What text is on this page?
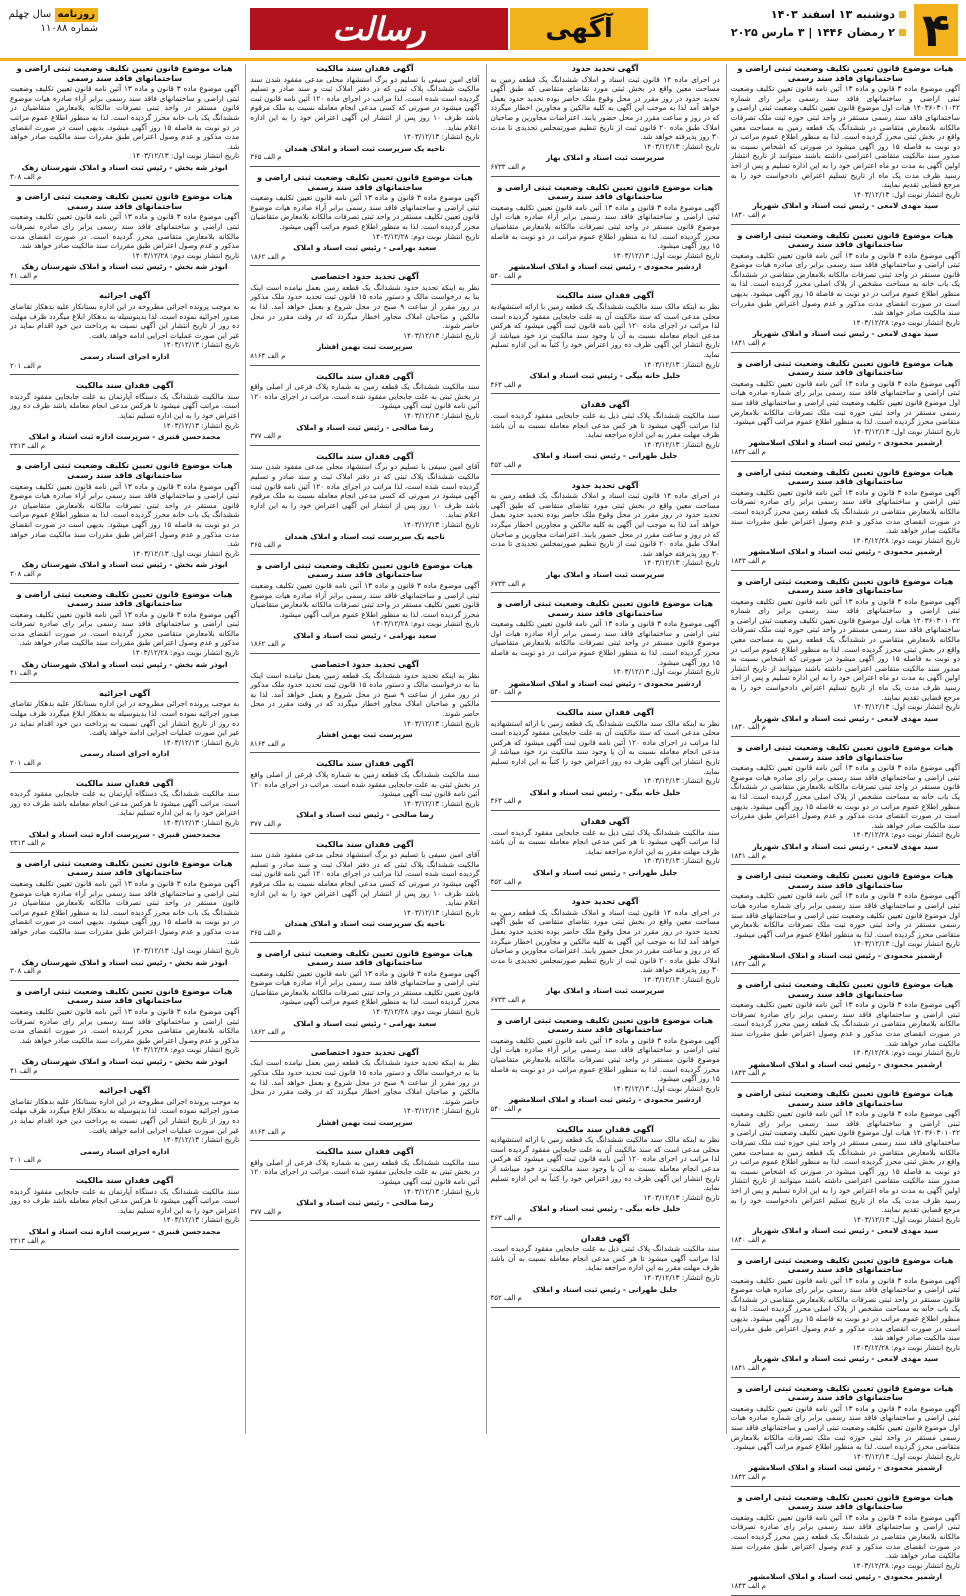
۴
دوشنبه ۱۳ اسفند ۱۴۰۳
۲ رمضان ۱۴۴۶ | ۳ مارس ۲۰۲۵
آگهی
رسالت
روزنامه سال چهلم
شماره ۱۱۰۸۸
هیات موضوع قانون تعیین تکلیف وضعیت ثبتی اراضی و ساختمانهای فاقد سند رسمی

آگهی موضوع ماده ۳ قانون و ماده ۱۳ آئین نامه قانون تعیین تکلیف وضعیت ثبتی اراضی و ساختمانهای فاقد سند رسمی برابر رای شماره ۱۴۰۳۶۰۳۰۱۰۴۲ هیات اول موضوع قانون تعیین تکلیف وضعیت ثبتی اراضی و ساختمانهای فاقد سند رسمی مستقر در واحد ثبتی حوزه ثبت ملک تصرفات مالکانه بلامعارض متقاضی در ششدانگ یک قطعه زمین به مساحت معین واقع در بخش ثبتی محرز گردیده است. لذا به منظور اطلاع عموم مراتب در دو نوبت به فاصله ۱۵ روز آگهی میشود در صورتی که اشخاص نسبت به صدور سند مالکیت متقاضی اعتراضی داشته باشند میتوانند از تاریخ انتشار اولین آگهی به مدت دو ماه اعتراض خود را به این اداره تسلیم و پس از اخذ رسید ظرف مدت یک ماه از تاریخ تسلیم اعتراض دادخواست خود را به مرجع قضایی تقدیم نمایند.

تاریخ انتشار نوبت اول: ۱۴۰۳/۱۲/۱۳

سید مهدی لامعی - رئیس ثبت اسناد و املاک شهریار
م الف ۱۸۴۰
هیات موضوع قانون تعیین تکلیف وضعیت ثبتی اراضی و ساختمانهای فاقد سند رسمی

آگهی موضوع ماده ۳ قانون و ماده ۱۳ آئین نامه قانون تعیین تکلیف وضعیت ثبتی اراضی و ساختمانهای فاقد سند رسمی برابر رای صادره هیات موضوع قانون مستقر در واحد ثبتی تصرفات مالکانه بلامعارض متقاضی در ششدانگ یک باب خانه به مساحت مشخص از پلاک اصلی محرز گردیده است. لذا به منظور اطلاع عموم مراتب در دو نوبت به فاصله ۱۵ روز آگهی میشود. بدیهی است در صورت انقضای مدت مذکور و عدم وصول اعتراض طبق مقررات سند مالکیت صادر خواهد شد.

تاریخ انتشار نوبت دوم: ۱۴۰۳/۱۲/۲۸

سید مهدی لامعی - رئیس ثبت اسناد و املاک شهریار
م الف ۱۸۴۱
هیات موضوع قانون تعیین تکلیف وضعیت ثبتی اراضی و ساختمانهای فاقد سند رسمی

آگهی موضوع ماده ۳ قانون و ماده ۱۳ آئین نامه قانون تعیین تکلیف وضعیت ثبتی اراضی و ساختمانهای فاقد سند رسمی برابر رای شماره صادره هیات اول موضوع قانون تعیین تکلیف وضعیت ثبتی اراضی و ساختمانهای فاقد سند رسمی مستقر در واحد ثبتی حوزه ثبت ملک تصرفات مالکانه بلامعارض متقاضی محرز گردیده است. لذا به منظور اطلاع عموم مراتب آگهی میشود.

تاریخ انتشار نوبت اول: ۱۴۰۳/۱۲/۱۳

ارشمیر محمودی - رئیس ثبت اسناد و املاک اسلامشهر
م الف ۱۸۴۲
هیات موضوع قانون تعیین تکلیف وضعیت ثبتی اراضی و ساختمانهای فاقد سند رسمی

آگهی موضوع ماده ۳ قانون و ماده ۱۳ آئین نامه قانون تعیین تکلیف وضعیت ثبتی اراضی و ساختمانهای فاقد سند رسمی برابر رای صادره تصرفات مالکانه بلامعارض متقاضی در ششدانگ یک قطعه زمین محرز گردیده است. در صورت انقضای مدت مذکور و عدم وصول اعتراض طبق مقررات سند مالکیت صادر خواهد شد.

تاریخ انتشار نوبت دوم: ۱۴۰۳/۱۲/۲۸

ارشمیر محمودی - رئیس ثبت اسناد و املاک اسلامشهر
م الف ۱۸۴۳
هیات موضوع قانون تعیین تکلیف وضعیت ثبتی اراضی و ساختمانهای فاقد سند رسمی

آگهی موضوع ماده ۳ قانون و ماده ۱۳ آئین نامه قانون تعیین تکلیف وضعیت ثبتی اراضی و ساختمانهای فاقد سند رسمی برابر رای شماره ۱۴۰۳۶۰۳۰۱۰۴۲ هیات اول موضوع قانون تعیین تکلیف وضعیت ثبتی اراضی و ساختمانهای فاقد سند رسمی مستقر در واحد ثبتی حوزه ثبت ملک تصرفات مالکانه بلامعارض متقاضی در ششدانگ یک قطعه زمین به مساحت معین واقع در بخش ثبتی محرز گردیده است. لذا به منظور اطلاع عموم مراتب در دو نوبت به فاصله ۱۵ روز آگهی میشود در صورتی که اشخاص نسبت به صدور سند مالکیت متقاضی اعتراضی داشته باشند میتوانند از تاریخ انتشار اولین آگهی به مدت دو ماه اعتراض خود را به این اداره تسلیم و پس از اخذ رسید ظرف مدت یک ماه از تاریخ تسلیم اعتراض دادخواست خود را به مرجع قضایی تقدیم نمایند.

تاریخ انتشار نوبت اول: ۱۴۰۳/۱۲/۱۳

سید مهدی لامعی - رئیس ثبت اسناد و املاک شهریار
م الف ۱۸۴۰
هیات موضوع قانون تعیین تکلیف وضعیت ثبتی اراضی و ساختمانهای فاقد سند رسمی

آگهی موضوع ماده ۳ قانون و ماده ۱۳ آئین نامه قانون تعیین تکلیف وضعیت ثبتی اراضی و ساختمانهای فاقد سند رسمی برابر رای صادره هیات موضوع قانون مستقر در واحد ثبتی تصرفات مالکانه بلامعارض متقاضی در ششدانگ یک باب خانه به مساحت مشخص از پلاک اصلی محرز گردیده است. لذا به منظور اطلاع عموم مراتب در دو نوبت به فاصله ۱۵ روز آگهی میشود. بدیهی است در صورت انقضای مدت مذکور و عدم وصول اعتراض طبق مقررات سند مالکیت صادر خواهد شد.

تاریخ انتشار نوبت دوم: ۱۴۰۳/۱۲/۲۸

سید مهدی لامعی - رئیس ثبت اسناد و املاک شهریار
م الف ۱۸۴۱
هیات موضوع قانون تعیین تکلیف وضعیت ثبتی اراضی و ساختمانهای فاقد سند رسمی

آگهی موضوع ماده ۳ قانون و ماده ۱۳ آئین نامه قانون تعیین تکلیف وضعیت ثبتی اراضی و ساختمانهای فاقد سند رسمی برابر رای شماره صادره هیات اول موضوع قانون تعیین تکلیف وضعیت ثبتی اراضی و ساختمانهای فاقد سند رسمی مستقر در واحد ثبتی حوزه ثبت ملک تصرفات مالکانه بلامعارض متقاضی محرز گردیده است. لذا به منظور اطلاع عموم مراتب آگهی میشود.

تاریخ انتشار نوبت اول: ۱۴۰۳/۱۲/۱۳

ارشمیر محمودی - رئیس ثبت اسناد و املاک اسلامشهر
م الف ۱۸۴۲
هیات موضوع قانون تعیین تکلیف وضعیت ثبتی اراضی و ساختمانهای فاقد سند رسمی

آگهی موضوع ماده ۳ قانون و ماده ۱۳ آئین نامه قانون تعیین تکلیف وضعیت ثبتی اراضی و ساختمانهای فاقد سند رسمی برابر رای صادره تصرفات مالکانه بلامعارض متقاضی در ششدانگ یک قطعه زمین محرز گردیده است. در صورت انقضای مدت مذکور و عدم وصول اعتراض طبق مقررات سند مالکیت صادر خواهد شد.

تاریخ انتشار نوبت دوم: ۱۴۰۳/۱۲/۲۸

ارشمیر محمودی - رئیس ثبت اسناد و املاک اسلامشهر
م الف ۱۸۴۳
هیات موضوع قانون تعیین تکلیف وضعیت ثبتی اراضی و ساختمانهای فاقد سند رسمی

آگهی موضوع ماده ۳ قانون و ماده ۱۳ آئین نامه قانون تعیین تکلیف وضعیت ثبتی اراضی و ساختمانهای فاقد سند رسمی برابر رای شماره ۱۴۰۳۶۰۳۰۱۰۴۲ هیات اول موضوع قانون تعیین تکلیف وضعیت ثبتی اراضی و ساختمانهای فاقد سند رسمی مستقر در واحد ثبتی حوزه ثبت ملک تصرفات مالکانه بلامعارض متقاضی در ششدانگ یک قطعه زمین به مساحت معین واقع در بخش ثبتی محرز گردیده است. لذا به منظور اطلاع عموم مراتب در دو نوبت به فاصله ۱۵ روز آگهی میشود در صورتی که اشخاص نسبت به صدور سند مالکیت متقاضی اعتراضی داشته باشند میتوانند از تاریخ انتشار اولین آگهی به مدت دو ماه اعتراض خود را به این اداره تسلیم و پس از اخذ رسید ظرف مدت یک ماه از تاریخ تسلیم اعتراض دادخواست خود را به مرجع قضایی تقدیم نمایند.

تاریخ انتشار نوبت اول: ۱۴۰۳/۱۲/۱۳

سید مهدی لامعی - رئیس ثبت اسناد و املاک شهریار
م الف ۱۸۴۰
هیات موضوع قانون تعیین تکلیف وضعیت ثبتی اراضی و ساختمانهای فاقد سند رسمی

آگهی موضوع ماده ۳ قانون و ماده ۱۳ آئین نامه قانون تعیین تکلیف وضعیت ثبتی اراضی و ساختمانهای فاقد سند رسمی برابر رای صادره هیات موضوع قانون مستقر در واحد ثبتی تصرفات مالکانه بلامعارض متقاضی در ششدانگ یک باب خانه به مساحت مشخص از پلاک اصلی محرز گردیده است. لذا به منظور اطلاع عموم مراتب در دو نوبت به فاصله ۱۵ روز آگهی میشود. بدیهی است در صورت انقضای مدت مذکور و عدم وصول اعتراض طبق مقررات سند مالکیت صادر خواهد شد.

تاریخ انتشار نوبت دوم: ۱۴۰۳/۱۲/۲۸

سید مهدی لامعی - رئیس ثبت اسناد و املاک شهریار
م الف ۱۸۴۱
هیات موضوع قانون تعیین تکلیف وضعیت ثبتی اراضی و ساختمانهای فاقد سند رسمی

آگهی موضوع ماده ۳ قانون و ماده ۱۳ آئین نامه قانون تعیین تکلیف وضعیت ثبتی اراضی و ساختمانهای فاقد سند رسمی برابر رای شماره صادره هیات اول موضوع قانون تعیین تکلیف وضعیت ثبتی اراضی و ساختمانهای فاقد سند رسمی مستقر در واحد ثبتی حوزه ثبت ملک تصرفات مالکانه بلامعارض متقاضی محرز گردیده است. لذا به منظور اطلاع عموم مراتب آگهی میشود.

تاریخ انتشار نوبت اول: ۱۴۰۳/۱۲/۱۳

ارشمیر محمودی - رئیس ثبت اسناد و املاک اسلامشهر
م الف ۱۸۴۲
هیات موضوع قانون تعیین تکلیف وضعیت ثبتی اراضی و ساختمانهای فاقد سند رسمی

آگهی موضوع ماده ۳ قانون و ماده ۱۳ آئین نامه قانون تعیین تکلیف وضعیت ثبتی اراضی و ساختمانهای فاقد سند رسمی برابر رای صادره تصرفات مالکانه بلامعارض متقاضی در ششدانگ یک قطعه زمین محرز گردیده است. در صورت انقضای مدت مذکور و عدم وصول اعتراض طبق مقررات سند مالکیت صادر خواهد شد.

تاریخ انتشار نوبت دوم: ۱۴۰۳/۱۲/۲۸

ارشمیر محمودی - رئیس ثبت اسناد و املاک اسلامشهر
م الف ۱۸۴۳
آگهی تحدید حدود

در اجرای ماده ۱۴ قانون ثبت اسناد و املاک ششدانگ یک قطعه زمین به مساحت معین واقع در بخش ثبتی مورد تقاضای متقاضی که طبق آگهی تحدید حدود در روز مقرر در محل وقوع ملک حاضر بوده تحدید حدود بعمل خواهد آمد لذا به موجب این آگهی به کلیه مالکین و مجاورین اخطار میگردد که در روز و ساعت مقرر در محل حضور یابند. اعتراضات مجاورین و صاحبان املاک طبق ماده ۲۰ قانون ثبت از تاریخ تنظیم صورتمجلس تحدیدی تا مدت ۳۰ روز پذیرفته خواهد شد.

تاریخ انتشار: ۱۴۰۳/۱۲/۱۳

سرپرست ثبت اسناد و املاک بهار
م الف ۶۷۳۳
هیات موضوع قانون تعیین تکلیف وضعیت ثبتی اراضی و ساختمانهای فاقد سند رسمی

آگهی موضوع ماده ۳ قانون و ماده ۱۳ آئین نامه قانون تعیین تکلیف وضعیت ثبتی اراضی و ساختمانهای فاقد سند رسمی برابر آراء صادره هیات اول موضوع قانون مستقر در واحد ثبتی تصرفات مالکانه بلامعارض متقاضیان محرز گردیده است. لذا به منظور اطلاع عموم مراتب در دو نوبت به فاصله ۱۵ روز آگهی میشود.

تاریخ انتشار نوبت اول: ۱۴۰۳/۱۲/۱۳

اردشیر محمودی - رئیس ثبت اسناد و املاک اسلامشهر
م الف ۵۴۰
آگهی فقدان سند مالکیت

نظر به اینکه مالک سند مالکیت ششدانگ یک قطعه زمین با ارائه استشهادیه محلی مدعی است که سند مالکیت آن به علت جابجایی مفقود گردیده است لذا مراتب در اجرای ماده ۱۲۰ آئین نامه قانون ثبت آگهی میشود که هرکس مدعی انجام معامله نسبت به آن یا وجود سند مالکیت نزد خود میباشد از تاریخ انتشار این آگهی ظرف ده روز اعتراض خود را کتباً به این اداره تسلیم نماید.

تاریخ انتشار: ۱۴۰۳/۱۲/۱۳

خلیل خانه بیگی - رئیس ثبت اسناد و املاک
م الف ۴۶۳
آگهی فقدان

سند مالکیت ششدانگ پلاک ثبتی ذیل به علت جابجایی مفقود گردیده است. لذا مراتب آگهی میشود تا هر کس مدعی انجام معامله نسبت به آن باشد ظرف مهلت مقرر به این اداره مراجعه نماید.

تاریخ انتشار: ۱۴۰۳/۱۲/۱۳

جلیل طهرانی - رئیس ثبت اسناد و املاک
م الف ۴۵۲
آگهی تحدید حدود

در اجرای ماده ۱۴ قانون ثبت اسناد و املاک ششدانگ یک قطعه زمین به مساحت معین واقع در بخش ثبتی مورد تقاضای متقاضی که طبق آگهی تحدید حدود در روز مقرر در محل وقوع ملک حاضر بوده تحدید حدود بعمل خواهد آمد لذا به موجب این آگهی به کلیه مالکین و مجاورین اخطار میگردد که در روز و ساعت مقرر در محل حضور یابند. اعتراضات مجاورین و صاحبان املاک طبق ماده ۲۰ قانون ثبت از تاریخ تنظیم صورتمجلس تحدیدی تا مدت ۳۰ روز پذیرفته خواهد شد.

تاریخ انتشار: ۱۴۰۳/۱۲/۱۳

سرپرست ثبت اسناد و املاک بهار
م الف ۶۷۳۳
هیات موضوع قانون تعیین تکلیف وضعیت ثبتی اراضی و ساختمانهای فاقد سند رسمی

آگهی موضوع ماده ۳ قانون و ماده ۱۳ آئین نامه قانون تعیین تکلیف وضعیت ثبتی اراضی و ساختمانهای فاقد سند رسمی برابر آراء صادره هیات اول موضوع قانون مستقر در واحد ثبتی تصرفات مالکانه بلامعارض متقاضیان محرز گردیده است. لذا به منظور اطلاع عموم مراتب در دو نوبت به فاصله ۱۵ روز آگهی میشود.

تاریخ انتشار نوبت اول: ۱۴۰۳/۱۲/۱۳

اردشیر محمودی - رئیس ثبت اسناد و املاک اسلامشهر
م الف ۵۴۰
آگهی فقدان سند مالکیت

نظر به اینکه مالک سند مالکیت ششدانگ یک قطعه زمین با ارائه استشهادیه محلی مدعی است که سند مالکیت آن به علت جابجایی مفقود گردیده است لذا مراتب در اجرای ماده ۱۲۰ آئین نامه قانون ثبت آگهی میشود که هرکس مدعی انجام معامله نسبت به آن یا وجود سند مالکیت نزد خود میباشد از تاریخ انتشار این آگهی ظرف ده روز اعتراض خود را کتباً به این اداره تسلیم نماید.

تاریخ انتشار: ۱۴۰۳/۱۲/۱۳

خلیل خانه بیگی - رئیس ثبت اسناد و املاک
م الف ۴۶۳
آگهی فقدان

سند مالکیت ششدانگ پلاک ثبتی ذیل به علت جابجایی مفقود گردیده است. لذا مراتب آگهی میشود تا هر کس مدعی انجام معامله نسبت به آن باشد ظرف مهلت مقرر به این اداره مراجعه نماید.

تاریخ انتشار: ۱۴۰۳/۱۲/۱۳

جلیل طهرانی - رئیس ثبت اسناد و املاک
م الف ۴۵۲
آگهی تحدید حدود

در اجرای ماده ۱۴ قانون ثبت اسناد و املاک ششدانگ یک قطعه زمین به مساحت معین واقع در بخش ثبتی مورد تقاضای متقاضی که طبق آگهی تحدید حدود در روز مقرر در محل وقوع ملک حاضر بوده تحدید حدود بعمل خواهد آمد لذا به موجب این آگهی به کلیه مالکین و مجاورین اخطار میگردد که در روز و ساعت مقرر در محل حضور یابند. اعتراضات مجاورین و صاحبان املاک طبق ماده ۲۰ قانون ثبت از تاریخ تنظیم صورتمجلس تحدیدی تا مدت ۳۰ روز پذیرفته خواهد شد.

تاریخ انتشار: ۱۴۰۳/۱۲/۱۳

سرپرست ثبت اسناد و املاک بهار
م الف ۶۷۳۳
هیات موضوع قانون تعیین تکلیف وضعیت ثبتی اراضی و ساختمانهای فاقد سند رسمی

آگهی موضوع ماده ۳ قانون و ماده ۱۳ آئین نامه قانون تعیین تکلیف وضعیت ثبتی اراضی و ساختمانهای فاقد سند رسمی برابر آراء صادره هیات اول موضوع قانون مستقر در واحد ثبتی تصرفات مالکانه بلامعارض متقاضیان محرز گردیده است. لذا به منظور اطلاع عموم مراتب در دو نوبت به فاصله ۱۵ روز آگهی میشود.

تاریخ انتشار نوبت اول: ۱۴۰۳/۱۲/۱۳

اردشیر محمودی - رئیس ثبت اسناد و املاک اسلامشهر
م الف ۵۴۰
آگهی فقدان سند مالکیت

نظر به اینکه مالک سند مالکیت ششدانگ یک قطعه زمین با ارائه استشهادیه محلی مدعی است که سند مالکیت آن به علت جابجایی مفقود گردیده است لذا مراتب در اجرای ماده ۱۲۰ آئین نامه قانون ثبت آگهی میشود که هرکس مدعی انجام معامله نسبت به آن یا وجود سند مالکیت نزد خود میباشد از تاریخ انتشار این آگهی ظرف ده روز اعتراض خود را کتباً به این اداره تسلیم نماید.

تاریخ انتشار: ۱۴۰۳/۱۲/۱۳

خلیل خانه بیگی - رئیس ثبت اسناد و املاک
م الف ۴۶۳
آگهی فقدان

سند مالکیت ششدانگ پلاک ثبتی ذیل به علت جابجایی مفقود گردیده است. لذا مراتب آگهی میشود تا هر کس مدعی انجام معامله نسبت به آن باشد ظرف مهلت مقرر به این اداره مراجعه نماید.

تاریخ انتشار: ۱۴۰۳/۱۲/۱۳

جلیل طهرانی - رئیس ثبت اسناد و املاک
م الف ۴۵۲
آگهی فقدان سند مالکیت

آقای امین سیفی با تسلیم دو برگ استشهاد محلی مدعی مفقود شدن سند مالکیت ششدانگ پلاک ثبتی که در دفتر املاک ثبت و سند صادر و تسلیم گردیده است شده است، لذا مراتب در اجرای ماده ۱۲۰ آئین نامه قانون ثبت آگهی میشود در صورتی که کسی مدعی انجام معامله نسبت به ملک مرقوم باشد ظرف ۱۰ روز پس از انتشار این آگهی اعتراض خود را به این اداره اعلام نماید.

تاریخ انتشار: ۱۴۰۳/۱۲/۱۳

ناحیه یک سرپرست ثبت اسناد و املاک همدان
م الف ۳۶۵
هیات موضوع قانون تعیین تکلیف وضعیت ثبتی اراضی و ساختمانهای فاقد سند رسمی

آگهی موضوع ماده ۳ قانون و ماده ۱۳ آئین نامه قانون تعیین تکلیف وضعیت ثبتی اراضی و ساختمانهای فاقد سند رسمی برابر آراء صادره هیات موضوع قانون تعیین تکلیف مستقر در واحد ثبتی تصرفات مالکانه بلامعارض متقاضیان محرز گردیده است. لذا به منظور اطلاع عموم مراتب آگهی میشود.

تاریخ انتشار نوبت دوم: ۱۴۰۳/۱۲/۲۸

سعید بهرامی - رئیس ثبت اسناد و املاک
م الف ۱۸۶۲
آگهی تحدید حدود اختصاصی

نظر به اینکه تحدید حدود ششدانگ یک قطعه زمین بعمل نیامده است اینک بنا به درخواست مالک و دستور ماده ۱۵ قانون ثبت تحدید حدود ملک مذکور در روز مقرر از ساعت ۹ صبح در محل شروع و بعمل خواهد آمد. لذا به مالکین و صاحبان املاک مجاور اخطار میگردد که در وقت مقرر در محل حاضر شوند.

تاریخ انتشار: ۱۴۰۳/۱۲/۱۳

سرپرست ثبت بهمن افشار
م الف ۸۱۶۴
آگهی فقدان سند مالکیت

سند مالکیت ششدانگ یک قطعه زمین به شماره پلاک فرعی از اصلی واقع در بخش ثبتی به علت جابجایی مفقود شده است. مراتب در اجرای ماده ۱۲۰ آئین نامه قانون ثبت آگهی میشود.

تاریخ انتشار: ۱۴۰۳/۱۲/۱۳

رضا صالحی - رئیس ثبت اسناد و املاک
م الف ۳۷۷
آگهی فقدان سند مالکیت

آقای امین سیفی با تسلیم دو برگ استشهاد محلی مدعی مفقود شدن سند مالکیت ششدانگ پلاک ثبتی که در دفتر املاک ثبت و سند صادر و تسلیم گردیده است شده است، لذا مراتب در اجرای ماده ۱۲۰ آئین نامه قانون ثبت آگهی میشود در صورتی که کسی مدعی انجام معامله نسبت به ملک مرقوم باشد ظرف ۱۰ روز پس از انتشار این آگهی اعتراض خود را به این اداره اعلام نماید.

تاریخ انتشار: ۱۴۰۳/۱۲/۱۳

ناحیه یک سرپرست ثبت اسناد و املاک همدان
م الف ۳۶۵
هیات موضوع قانون تعیین تکلیف وضعیت ثبتی اراضی و ساختمانهای فاقد سند رسمی

آگهی موضوع ماده ۳ قانون و ماده ۱۳ آئین نامه قانون تعیین تکلیف وضعیت ثبتی اراضی و ساختمانهای فاقد سند رسمی برابر آراء صادره هیات موضوع قانون تعیین تکلیف مستقر در واحد ثبتی تصرفات مالکانه بلامعارض متقاضیان محرز گردیده است. لذا به منظور اطلاع عموم مراتب آگهی میشود.

تاریخ انتشار نوبت دوم: ۱۴۰۳/۱۲/۲۸

سعید بهرامی - رئیس ثبت اسناد و املاک
م الف ۱۸۶۲
آگهی تحدید حدود اختصاصی

نظر به اینکه تحدید حدود ششدانگ یک قطعه زمین بعمل نیامده است اینک بنا به درخواست مالک و دستور ماده ۱۵ قانون ثبت تحدید حدود ملک مذکور در روز مقرر از ساعت ۹ صبح در محل شروع و بعمل خواهد آمد. لذا به مالکین و صاحبان املاک مجاور اخطار میگردد که در وقت مقرر در محل حاضر شوند.

تاریخ انتشار: ۱۴۰۳/۱۲/۱۳

سرپرست ثبت بهمن افشار
م الف ۸۱۶۴
آگهی فقدان سند مالکیت

سند مالکیت ششدانگ یک قطعه زمین به شماره پلاک فرعی از اصلی واقع در بخش ثبتی به علت جابجایی مفقود شده است. مراتب در اجرای ماده ۱۲۰ آئین نامه قانون ثبت آگهی میشود.

تاریخ انتشار: ۱۴۰۳/۱۲/۱۳

رضا صالحی - رئیس ثبت اسناد و املاک
م الف ۳۷۷
آگهی فقدان سند مالکیت

آقای امین سیفی با تسلیم دو برگ استشهاد محلی مدعی مفقود شدن سند مالکیت ششدانگ پلاک ثبتی که در دفتر املاک ثبت و سند صادر و تسلیم گردیده است شده است، لذا مراتب در اجرای ماده ۱۲۰ آئین نامه قانون ثبت آگهی میشود در صورتی که کسی مدعی انجام معامله نسبت به ملک مرقوم باشد ظرف ۱۰ روز پس از انتشار این آگهی اعتراض خود را به این اداره اعلام نماید.

تاریخ انتشار: ۱۴۰۳/۱۲/۱۳

ناحیه یک سرپرست ثبت اسناد و املاک همدان
م الف ۳۶۵
هیات موضوع قانون تعیین تکلیف وضعیت ثبتی اراضی و ساختمانهای فاقد سند رسمی

آگهی موضوع ماده ۳ قانون و ماده ۱۳ آئین نامه قانون تعیین تکلیف وضعیت ثبتی اراضی و ساختمانهای فاقد سند رسمی برابر آراء صادره هیات موضوع قانون تعیین تکلیف مستقر در واحد ثبتی تصرفات مالکانه بلامعارض متقاضیان محرز گردیده است. لذا به منظور اطلاع عموم مراتب آگهی میشود.

تاریخ انتشار نوبت دوم: ۱۴۰۳/۱۲/۲۸

سعید بهرامی - رئیس ثبت اسناد و املاک
م الف ۱۸۶۲
آگهی تحدید حدود اختصاصی

نظر به اینکه تحدید حدود ششدانگ یک قطعه زمین بعمل نیامده است اینک بنا به درخواست مالک و دستور ماده ۱۵ قانون ثبت تحدید حدود ملک مذکور در روز مقرر از ساعت ۹ صبح در محل شروع و بعمل خواهد آمد. لذا به مالکین و صاحبان املاک مجاور اخطار میگردد که در وقت مقرر در محل حاضر شوند.

تاریخ انتشار: ۱۴۰۳/۱۲/۱۳

سرپرست ثبت بهمن افشار
م الف ۸۱۶۴
آگهی فقدان سند مالکیت

سند مالکیت ششدانگ یک قطعه زمین به شماره پلاک فرعی از اصلی واقع در بخش ثبتی به علت جابجایی مفقود شده است. مراتب در اجرای ماده ۱۲۰ آئین نامه قانون ثبت آگهی میشود.

تاریخ انتشار: ۱۴۰۳/۱۲/۱۳

رضا صالحی - رئیس ثبت اسناد و املاک
م الف ۳۷۷
هیات موضوع قانون تعیین تکلیف وضعیت ثبتی اراضی و ساختمانهای فاقد سند رسمی

آگهی موضوع ماده ۳ قانون و ماده ۱۳ آئین نامه قانون تعیین تکلیف وضعیت ثبتی اراضی و ساختمانهای فاقد سند رسمی برابر آراء صادره هیات موضوع قانون مستقر در واحد ثبتی تصرفات مالکانه بلامعارض متقاضیان در ششدانگ یک باب خانه محرز گردیده است. لذا به منظور اطلاع عموم مراتب در دو نوبت به فاصله ۱۵ روز آگهی میشود. بدیهی است در صورت انقضای مدت مذکور و عدم وصول اعتراض طبق مقررات سند مالکیت صادر خواهد شد.

تاریخ انتشار نوبت اول: ۱۴۰۳/۱۲/۱۳

ابوذر شه بخش - رئیس ثبت اسناد و املاک شهرستان زهک
م الف ۳۰۸
هیات موضوع قانون تعیین تکلیف وضعیت ثبتی اراضی و ساختمانهای فاقد سند رسمی

آگهی موضوع ماده ۳ قانون و ماده ۱۳ آئین نامه قانون تعیین تکلیف وضعیت ثبتی اراضی و ساختمانهای فاقد سند رسمی برابر رای صادره تصرفات مالکانه بلامعارض متقاضی محرز گردیده است. در صورت انقضای مدت مذکور و عدم وصول اعتراض طبق مقررات سند مالکیت صادر خواهد شد.

تاریخ انتشار نوبت دوم: ۱۴۰۳/۱۲/۲۸

ابوذر شه بخش - رئیس ثبت اسناد و املاک شهرستان زهک
م الف ۴۱
آگهی اجرائیه

به موجب پرونده اجرائی مطروحه در این اداره بستانکار علیه بدهکار تقاضای صدور اجرائیه نموده است. لذا بدینوسیله به بدهکار ابلاغ میگردد ظرف مهلت ده روز از تاریخ انتشار این آگهی نسبت به پرداخت دین خود اقدام نماید در غیر این صورت عملیات اجرایی ادامه خواهد یافت.

تاریخ انتشار: ۱۴۰۳/۱۲/۱۳

اداره اجرای اسناد رسمی
م الف ۲۰۱
آگهی فقدان سند مالکیت

سند مالکیت ششدانگ یک دستگاه آپارتمان به علت جابجایی مفقود گردیده است. مراتب آگهی میشود تا هرکس مدعی انجام معامله باشد ظرف ده روز اعتراض خود را به این اداره تسلیم نماید.

تاریخ انتشار: ۱۴۰۳/۱۲/۱۳

محمدحسن قنبری - سرپرست اداره ثبت اسناد و املاک
م الف ۲۳۱۳
هیات موضوع قانون تعیین تکلیف وضعیت ثبتی اراضی و ساختمانهای فاقد سند رسمی

آگهی موضوع ماده ۳ قانون و ماده ۱۳ آئین نامه قانون تعیین تکلیف وضعیت ثبتی اراضی و ساختمانهای فاقد سند رسمی برابر آراء صادره هیات موضوع قانون مستقر در واحد ثبتی تصرفات مالکانه بلامعارض متقاضیان در ششدانگ یک باب خانه محرز گردیده است. لذا به منظور اطلاع عموم مراتب در دو نوبت به فاصله ۱۵ روز آگهی میشود. بدیهی است در صورت انقضای مدت مذکور و عدم وصول اعتراض طبق مقررات سند مالکیت صادر خواهد شد.

تاریخ انتشار نوبت اول: ۱۴۰۳/۱۲/۱۳

ابوذر شه بخش - رئیس ثبت اسناد و املاک شهرستان زهک
م الف ۳۰۸
هیات موضوع قانون تعیین تکلیف وضعیت ثبتی اراضی و ساختمانهای فاقد سند رسمی

آگهی موضوع ماده ۳ قانون و ماده ۱۳ آئین نامه قانون تعیین تکلیف وضعیت ثبتی اراضی و ساختمانهای فاقد سند رسمی برابر رای صادره تصرفات مالکانه بلامعارض متقاضی محرز گردیده است. در صورت انقضای مدت مذکور و عدم وصول اعتراض طبق مقررات سند مالکیت صادر خواهد شد.

تاریخ انتشار نوبت دوم: ۱۴۰۳/۱۲/۲۸

ابوذر شه بخش - رئیس ثبت اسناد و املاک شهرستان زهک
م الف ۴۱
آگهی اجرائیه

به موجب پرونده اجرائی مطروحه در این اداره بستانکار علیه بدهکار تقاضای صدور اجرائیه نموده است. لذا بدینوسیله به بدهکار ابلاغ میگردد ظرف مهلت ده روز از تاریخ انتشار این آگهی نسبت به پرداخت دین خود اقدام نماید در غیر این صورت عملیات اجرایی ادامه خواهد یافت.

تاریخ انتشار: ۱۴۰۳/۱۲/۱۳

اداره اجرای اسناد رسمی
م الف ۲۰۱
آگهی فقدان سند مالکیت

سند مالکیت ششدانگ یک دستگاه آپارتمان به علت جابجایی مفقود گردیده است. مراتب آگهی میشود تا هرکس مدعی انجام معامله باشد ظرف ده روز اعتراض خود را به این اداره تسلیم نماید.

تاریخ انتشار: ۱۴۰۳/۱۲/۱۳

محمدحسن قنبری - سرپرست اداره ثبت اسناد و املاک
م الف ۲۳۱۳
هیات موضوع قانون تعیین تکلیف وضعیت ثبتی اراضی و ساختمانهای فاقد سند رسمی

آگهی موضوع ماده ۳ قانون و ماده ۱۳ آئین نامه قانون تعیین تکلیف وضعیت ثبتی اراضی و ساختمانهای فاقد سند رسمی برابر آراء صادره هیات موضوع قانون مستقر در واحد ثبتی تصرفات مالکانه بلامعارض متقاضیان در ششدانگ یک باب خانه محرز گردیده است. لذا به منظور اطلاع عموم مراتب در دو نوبت به فاصله ۱۵ روز آگهی میشود. بدیهی است در صورت انقضای مدت مذکور و عدم وصول اعتراض طبق مقررات سند مالکیت صادر خواهد شد.

تاریخ انتشار نوبت اول: ۱۴۰۳/۱۲/۱۳

ابوذر شه بخش - رئیس ثبت اسناد و املاک شهرستان زهک
م الف ۳۰۸
هیات موضوع قانون تعیین تکلیف وضعیت ثبتی اراضی و ساختمانهای فاقد سند رسمی

آگهی موضوع ماده ۳ قانون و ماده ۱۳ آئین نامه قانون تعیین تکلیف وضعیت ثبتی اراضی و ساختمانهای فاقد سند رسمی برابر رای صادره تصرفات مالکانه بلامعارض متقاضی محرز گردیده است. در صورت انقضای مدت مذکور و عدم وصول اعتراض طبق مقررات سند مالکیت صادر خواهد شد.

تاریخ انتشار نوبت دوم: ۱۴۰۳/۱۲/۲۸

ابوذر شه بخش - رئیس ثبت اسناد و املاک شهرستان زهک
م الف ۴۱
آگهی اجرائیه

به موجب پرونده اجرائی مطروحه در این اداره بستانکار علیه بدهکار تقاضای صدور اجرائیه نموده است. لذا بدینوسیله به بدهکار ابلاغ میگردد ظرف مهلت ده روز از تاریخ انتشار این آگهی نسبت به پرداخت دین خود اقدام نماید در غیر این صورت عملیات اجرایی ادامه خواهد یافت.

تاریخ انتشار: ۱۴۰۳/۱۲/۱۳

اداره اجرای اسناد رسمی
م الف ۲۰۱
آگهی فقدان سند مالکیت

سند مالکیت ششدانگ یک دستگاه آپارتمان به علت جابجایی مفقود گردیده است. مراتب آگهی میشود تا هرکس مدعی انجام معامله باشد ظرف ده روز اعتراض خود را به این اداره تسلیم نماید.

تاریخ انتشار: ۱۴۰۳/۱۲/۱۳

محمدحسن قنبری - سرپرست اداره ثبت اسناد و املاک
م الف ۲۳۱۳
